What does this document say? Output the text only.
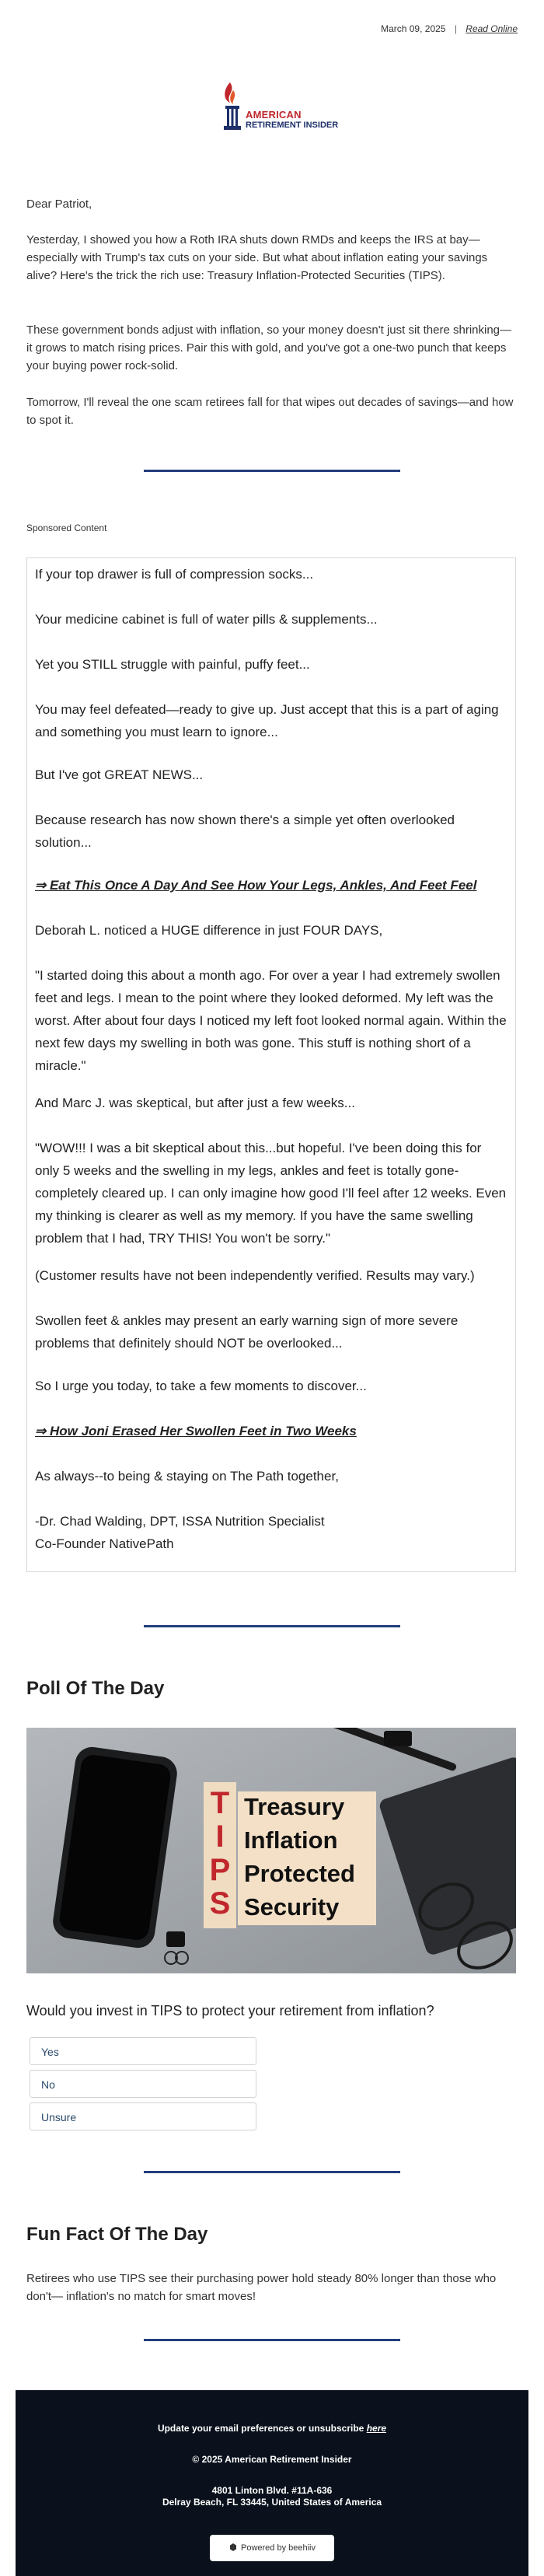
March 09, 2025 | Read Online
AMERICAN
RETIREMENT INSIDER
Dear Patriot,
Yesterday, I showed you how a Roth IRA shuts down RMDs and keeps the IRS at bay—especially with Trump's tax cuts on your side. But what about inflation eating your savings alive? Here's the trick the rich use: Treasury Inflation-Protected Securities (TIPS).
These government bonds adjust with inflation, so your money doesn't just sit there shrinking—it grows to match rising prices. Pair this with gold, and you've got a one-two punch that keeps your buying power rock-solid.
Tomorrow, I'll reveal the one scam retirees fall for that wipes out decades of savings—and how to spot it.
Sponsored Content
If your top drawer is full of compression socks...
Your medicine cabinet is full of water pills & supplements...
Yet you STILL struggle with painful, puffy feet...
You may feel defeated—ready to give up. Just accept that this is a part of aging and something you must learn to ignore...
But I've got GREAT NEWS...
Because research has now shown there's a simple yet often overlooked solution...
⇒ Eat This Once A Day And See How Your Legs, Ankles, And Feet Feel
Deborah L. noticed a HUGE difference in just FOUR DAYS,
"I started doing this about a month ago. For over a year I had extremely swollen feet and legs. I mean to the point where they looked deformed. My left was the worst. After about four days I noticed my left foot looked normal again. Within the next few days my swelling in both was gone. This stuff is nothing short of a miracle."
And Marc J. was skeptical, but after just a few weeks...
"WOW!!! I was a bit skeptical about this...but hopeful. I've been doing this for only 5 weeks and the swelling in my legs, ankles and feet is totally gone- completely cleared up. I can only imagine how good I'll feel after 12 weeks. Even my thinking is clearer as well as my memory. If you have the same swelling problem that I had, TRY THIS! You won't be sorry."
(Customer results have not been independently verified. Results may vary.)
Swollen feet & ankles may present an early warning sign of more severe problems that definitely should NOT be overlooked...
So I urge you today, to take a few moments to discover...
⇒ How Joni Erased Her Swollen Feet in Two Weeks
As always--to being & staying on The Path together,
-Dr. Chad Walding, DPT, ISSA Nutrition Specialist
Co-Founder NativePath
Poll Of The Day
T
I
P
S
Treasury
Inflation
Protected
Security
Would you invest in TIPS to protect your retirement from inflation?
Yes
No
Unsure
Fun Fact Of The Day
Retirees who use TIPS see their purchasing power hold steady 80% longer than those who don't— inflation's no match for smart moves!
Update your email preferences or unsubscribe here
© 2025 American Retirement Insider
4801 Linton Blvd. #11A-636
Delray Beach, FL 33445, United States of America
Powered by beehiiv
